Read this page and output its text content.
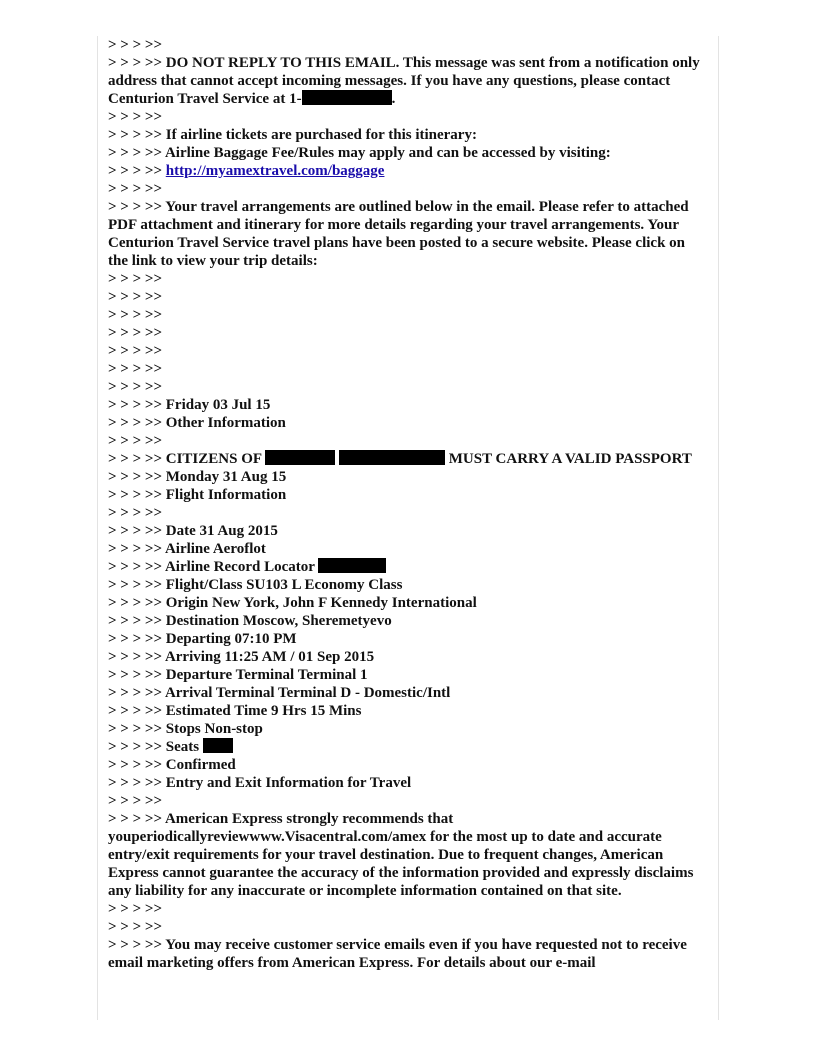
> > > >>
> > > >> DO NOT REPLY TO THIS EMAIL. This message was sent from a notification only address that cannot accept incoming messages. If you have any questions, please contact Centurion Travel Service at 1-	.
> > > >>
> > > >> If airline tickets are purchased for this itinerary:
> > > >> Airline Baggage Fee/Rules may apply and can be accessed by visiting:
> > > >> http://myamextravel.com/baggage
> > > >>
> > > >> Your travel arrangements are outlined below in the email. Please refer to attached PDF attachment and itinerary for more details regarding your travel arrangements. Your Centurion Travel Service travel plans have been posted to a secure website. Please click on the link to view your trip details:
> > > >>
> > > >>
> > > >>
> > > >>
> > > >>
> > > >>
> > > >>
> > > >> Friday 03 Jul 15
> > > >> Other Information
> > > >>
> > > >> CITIZENS OF	MUST CARRY A VALID PASSPORT
> > > >> Monday 31 Aug 15
> > > >> Flight Information
> > > >>
> > > >> Date 31 Aug 2015
> > > >> Airline Aeroflot
> > > >> Airline Record Locator
> > > >> Flight/Class SU103 L Economy Class
> > > >> Origin New York, John F Kennedy International
> > > >> Destination Moscow, Sheremetyevo
> > > >> Departing 07:10 PM
> > > >> Arriving 11:25 AM / 01 Sep 2015
> > > >> Departure Terminal Terminal 1
> > > >> Arrival Terminal Terminal D - Domestic/Intl
> > > >> Estimated Time 9 Hrs 15 Mins
> > > >> Stops Non-stop
> > > >> Seats
> > > >> Confirmed
> > > >> Entry and Exit Information for Travel
> > > >>
> > > >> American Express strongly recommends that youperiodicallyreviewwww.Visacentral.com/amex for the most up to date and accurate entry/exit requirements for your travel destination. Due to frequent changes, American Express cannot guarantee the accuracy of the information provided and expressly disclaims any liability for any inaccurate or incomplete information contained on that site.
> > > >>
> > > >>
> > > >> You may receive customer service emails even if you have requested not to receive email marketing offers from American Express. For details about our e-mail
